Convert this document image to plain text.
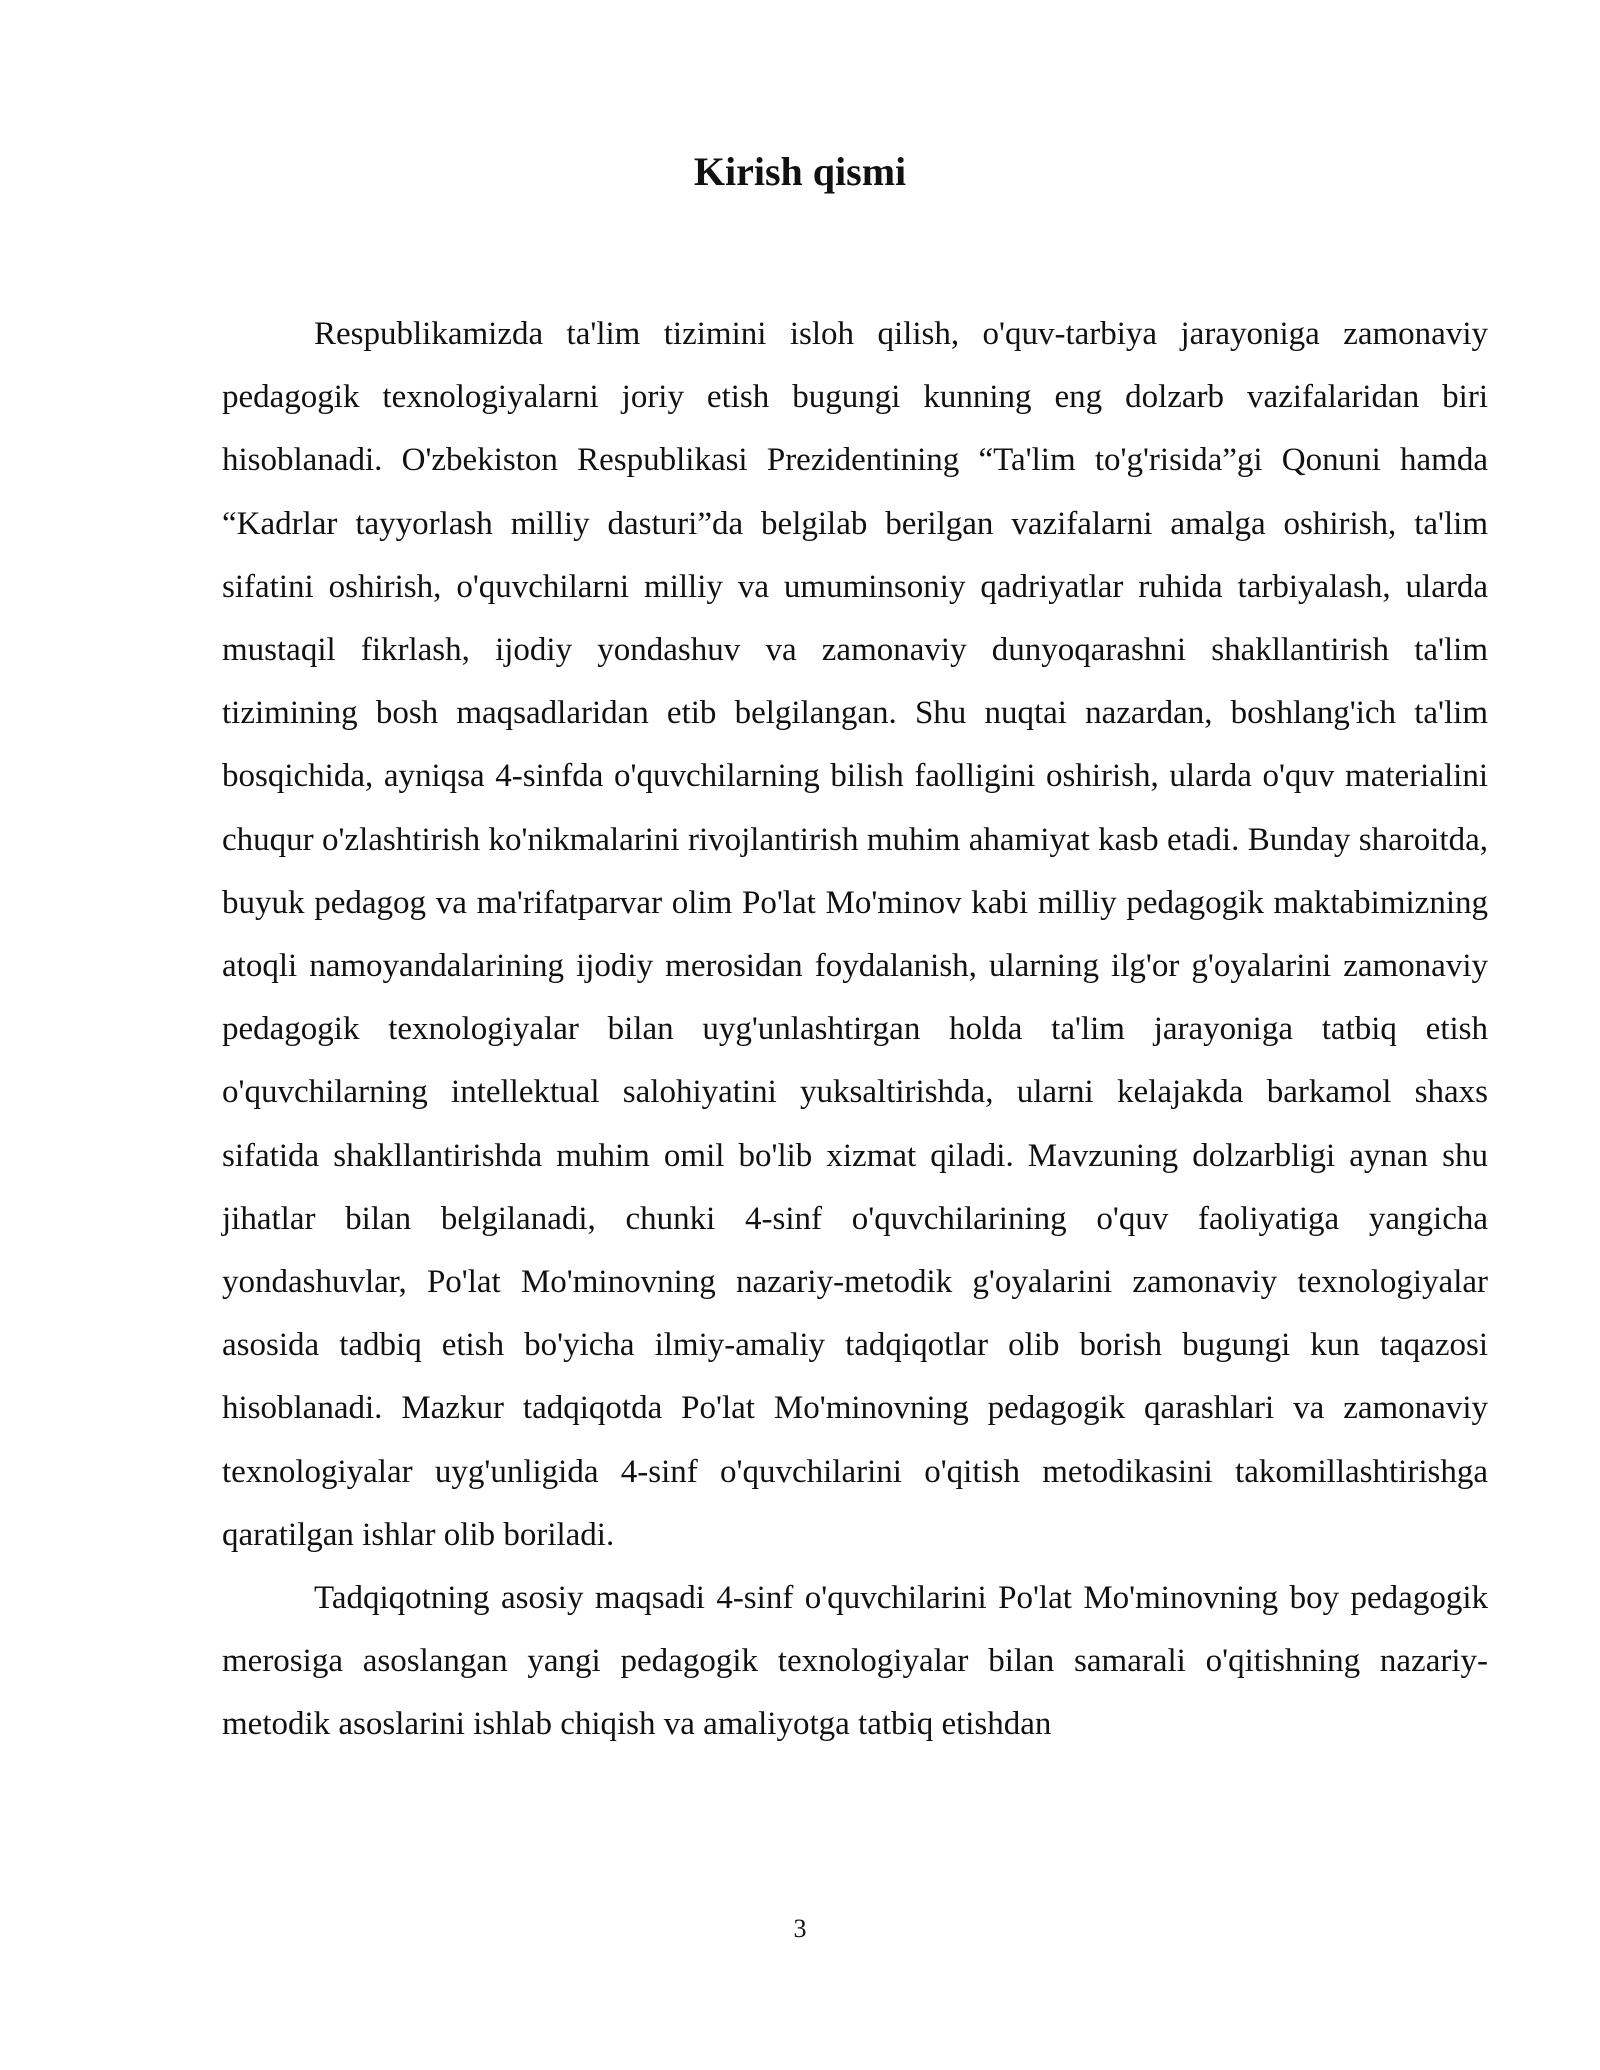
Kirish qismi

Respublikamizda ta'lim tizimini isloh qilish, o'quv-tarbiya jarayoniga zamonaviy pedagogik texnologiyalarni joriy etish bugungi kunning eng dolzarb vazifalaridan biri hisoblanadi. O'zbekiston Respublikasi Prezidentining “Ta'lim to'g'risida”gi Qonuni hamda “Kadrlar tayyorlash milliy dasturi”da belgilab berilgan vazifalarni amalga oshirish, ta'lim sifatini oshirish, o'quvchilarni milliy va umuminsoniy qadriyatlar ruhida tarbiyalash, ularda mustaqil fikrlash, ijodiy yondashuv va zamonaviy dunyoqarashni shakllantirish ta'lim tizimining bosh maqsadlaridan etib belgilangan. Shu nuqtai nazardan, boshlang'ich ta'lim bosqichida, ayniqsa 4-sinfda o'quvchilarning bilish faolligini oshirish, ularda o'quv materialini chuqur o'zlashtirish ko'nikmalarini rivojlantirish muhim ahamiyat kasb etadi. Bunday sharoitda, buyuk pedagog va ma'rifatparvar olim Po'lat Mo'minov kabi milliy pedagogik maktabimizning atoqli namoyandalarining ijodiy merosidan foydalanish, ularning ilg'or g'oyalarini zamonaviy pedagogik texnologiyalar bilan uyg'unlashtirgan holda ta'lim jarayoniga tatbiq etish o'quvchilarning intellektual salohiyatini yuksaltirishda, ularni kelajakda barkamol shaxs sifatida shakllantirishda muhim omil bo'lib xizmat qiladi. Mavzuning dolzarbligi aynan shu jihatlar bilan belgilanadi, chunki 4-sinf o'quvchilarining o'quv faoliyatiga yangicha yondashuvlar, Po'lat Mo'minovning nazariy-metodik g'oyalarini zamonaviy texnologiyalar asosida tadbiq etish bo'yicha ilmiy-amaliy tadqiqotlar olib borish bugungi kun taqazosi hisoblanadi. Mazkur tadqiqotda Po'lat Mo'minovning pedagogik qarashlari va zamonaviy texnologiyalar uyg'unligida 4-sinf o'quvchilarini o'qitish metodikasini takomillashtirishga qaratilgan ishlar olib boriladi.

Tadqiqotning asosiy maqsadi 4-sinf o'quvchilarini Po'lat Mo'minovning boy pedagogik merosiga asoslangan yangi pedagogik texnologiyalar bilan samarali o'qitishning nazariy-metodik asoslarini ishlab chiqish va amaliyotga tatbiq etishdan

3
